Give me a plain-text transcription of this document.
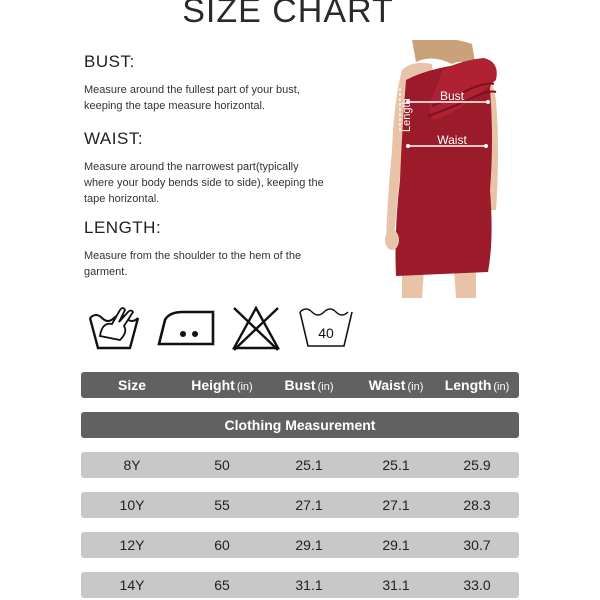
SIZE CHART
BUST:

Measure around the fullest part of your bust, keeping the tape measure horizontal.

WAIST:

Measure around the narrowest part(typically where your body bends side to side), keeping the tape horizontal.

LENGTH:

Measure from the shoulder to the hem of the garment.

Bust
Waist
Length
40
Size	Height (in)	Bust (in)	Waist (in)	Length (in)
Clothing Measurement
8Y	50	25.1	25.1	25.9
10Y	55	27.1	27.1	28.3
12Y	60	29.1	29.1	30.7
14Y	65	31.1	31.1	33.0
